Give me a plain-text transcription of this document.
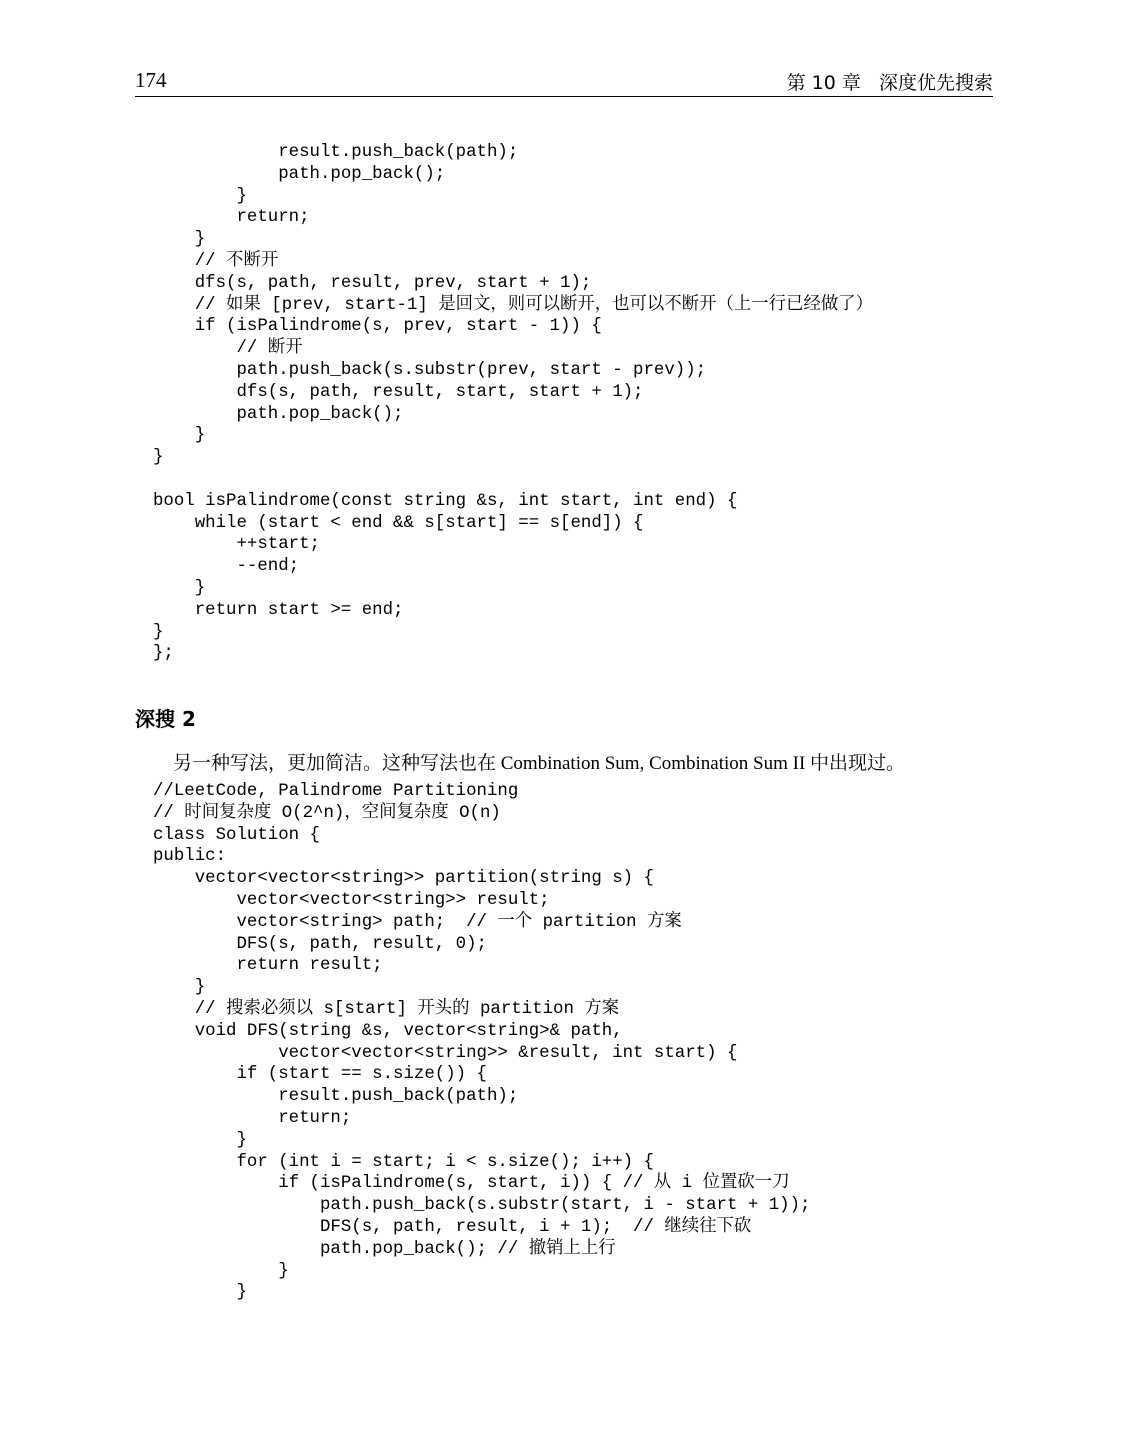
174	第 10 章   深度优先搜索
result.push_back(path);
path.pop_back();
}
return;
}
// 不断开
dfs(s, path, result, prev, start + 1);
// 如果 [prev, start-1] 是回文，则可以断开，也可以不断开（上一行已经做了）
if (isPalindrome(s, prev, start - 1)) {
// 断开
path.push_back(s.substr(prev, start - prev));
dfs(s, path, result, start, start + 1);
path.pop_back();
}
}
bool isPalindrome(const string &s, int start, int end) {
while (start < end && s[start] == s[end]) {
++start;
--end;
}
return start >= end;
}
};
深搜 2
另一种写法，更加简洁。这种写法也在 Combination Sum, Combination Sum II 中出现过。
//LeetCode, Palindrome Partitioning
// 时间复杂度 O(2^n)，空间复杂度 O(n)
class Solution {
public:
vector<vector<string>> partition(string s) {
vector<vector<string>> result;
vector<string> path;  // 一个 partition 方案
DFS(s, path, result, 0);
return result;
}
// 搜索必须以 s[start] 开头的 partition 方案
void DFS(string &s, vector<string>& path,
vector<vector<string>> &result, int start) {
if (start == s.size()) {
result.push_back(path);
return;
}
for (int i = start; i < s.size(); i++) {
if (isPalindrome(s, start, i)) { // 从 i 位置砍一刀
path.push_back(s.substr(start, i - start + 1));
DFS(s, path, result, i + 1);  // 继续往下砍
path.pop_back(); // 撤销上上行
}
}
